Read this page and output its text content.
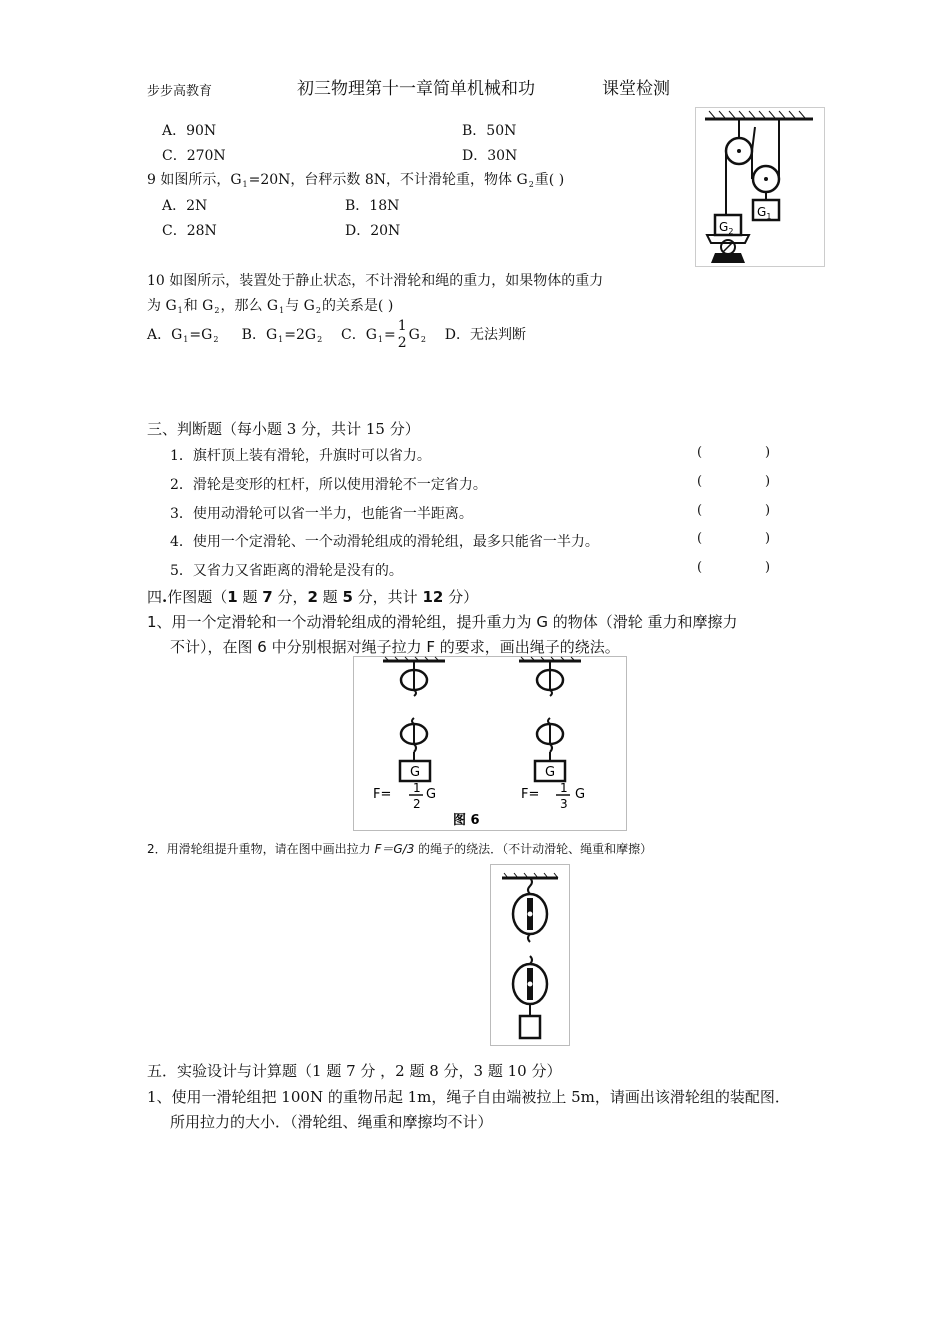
步步高教育	初三物理第十一章简单机械和功	课堂检测
A．90N	B．50N
C．270N	D．30N
9 如图所示，$G_1=20N$，台秤示数 8N，不计滑轮重，物体 $G_2$重( )
A．2N	B．18N
C．28N	D．20N
$G_1$
$G_2$
10 如图所示，装置处于静止状态，不计滑轮和绳的重力，如果物体的重力
为 $G_1$和 $G_2$，那么 $G_1$与 $G_2$的关系是( )
A．$G_1=G_2$ B．$G_1=2G_2$ C．$G_1=$
1
2 $G_2$ D．无法判断
三、判断题（每小题 3 分，共计 15 分）
1．旗杆顶上装有滑轮，升旗时可以省力。	(	)
2．滑轮是变形的杠杆，所以使用滑轮不一定省力。	(	)
3．使用动滑轮可以省一半力，也能省一半距离。	(	)
4．使用一个定滑轮、一个动滑轮组成的滑轮组，最多只能省一半力。	(	)
5．又省力又省距离的滑轮是没有的。	(	)
四.作图题（1 题 7 分，2 题 5 分，共计 12 分）
1、用一个定滑轮和一个动滑轮组成的滑轮组，提升重力为 G 的物体（滑轮 重力和摩擦力
不计），在图 6 中分别根据对绳子拉力 F 的要求，画出绳子的绕法。
G
F= 1
2
G
G
F= 1
3
G
图 6
2．用滑轮组提升重物，请在图中画出拉力 F＝G/3 的绳子的绕法．（不计动滑轮、绳重和摩擦）
五．实验设计与计算题（1 题 7 分 ，2 题 8 分，3 题 10 分）
1、使用一滑轮组把 100N 的重物吊起 1m，绳子自由端被拉上 5m，请画出该滑轮组的装配图．
所用拉力的大小．（滑轮组、绳重和摩擦均不计）
